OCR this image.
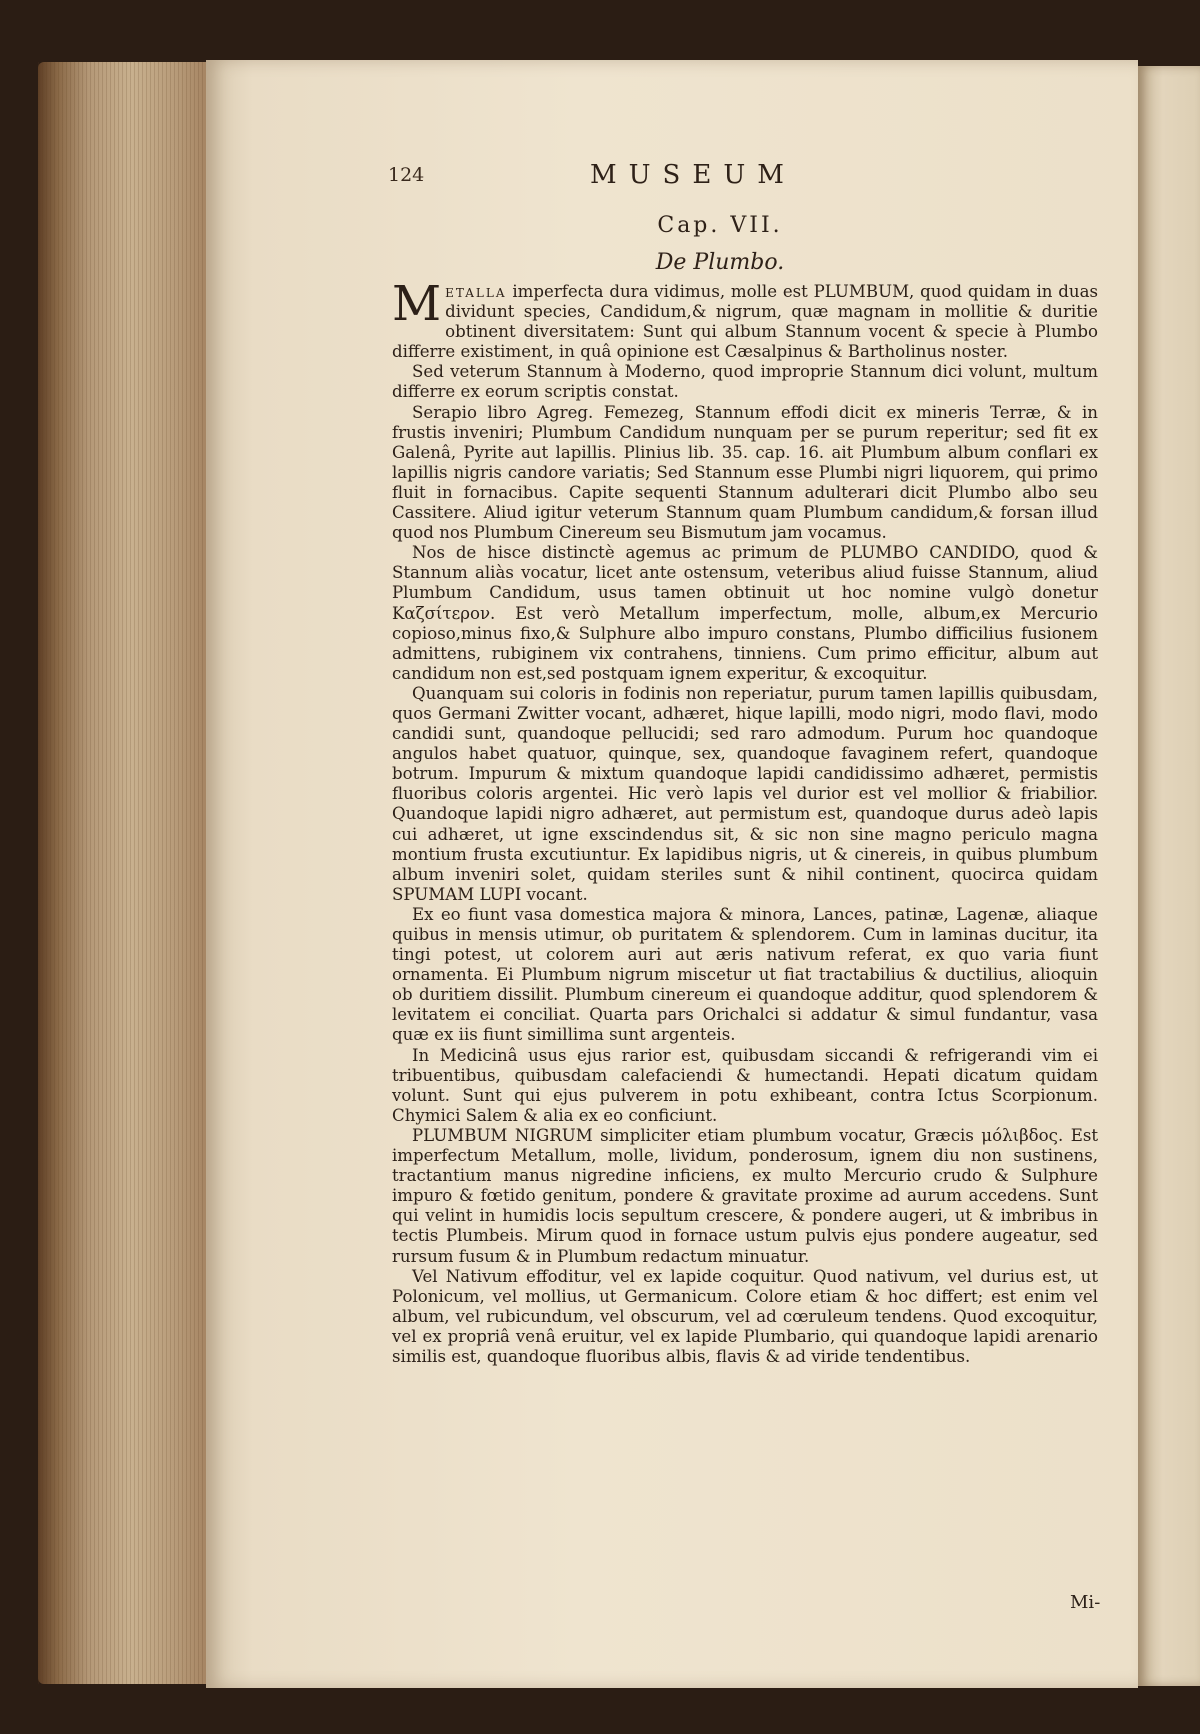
124	MUSEUM
Cap. VII.
De Plumbo.

Metalla imperfecta dura vidimus, molle est PLUMBUM, quod quidam in duas dividunt species, Candidum,& nigrum, quæ magnam in mollitie & duritie obtinent diversitatem: Sunt qui album Stannum vocent & specie à Plumbo differre existiment, in quâ opinione est Cæsalpinus & Bartholinus noster.

Sed veterum Stannum à Moderno, quod improprie Stannum dici volunt, multum differre ex eorum scriptis constat.

Serapio libro Agreg. Femezeg, Stannum effodi dicit ex mineris Terræ, & in frustis inveniri; Plumbum Candidum nunquam per se purum reperitur; sed fit ex Galenâ, Pyrite aut lapillis. Plinius lib. 35. cap. 16. ait Plumbum album conflari ex lapillis nigris candore variatis; Sed Stannum esse Plumbi nigri liquorem, qui primo fluit in fornacibus. Capite sequenti Stannum adulterari dicit Plumbo albo seu Cassitere. Aliud igitur veterum Stannum quam Plumbum candidum,& forsan illud quod nos Plumbum Cinereum seu Bismutum jam vocamus.

Nos de hisce distinctè agemus ac primum de PLUMBO CANDIDO, quod & Stannum aliàs vocatur, licet ante ostensum, veteribus aliud fuisse Stannum, aliud Plumbum Candidum, usus tamen obtinuit ut hoc nomine vulgò donetur Καζσίτερον. Est verò Metallum imperfectum, molle, album,ex Mercurio copioso,minus fixo,& Sulphure albo impuro constans, Plumbo difficilius fusionem admittens, rubiginem vix contrahens, tinniens. Cum primo efficitur, album aut candidum non est,sed postquam ignem experitur, & excoquitur.

Quanquam sui coloris in fodinis non reperiatur, purum tamen lapillis quibusdam, quos Germani Zwitter vocant, adhæret, hique lapilli, modo nigri, modo flavi, modo candidi sunt, quandoque pellucidi; sed raro admodum. Purum hoc quandoque angulos habet quatuor, quinque, sex, quandoque favaginem refert, quandoque botrum. Impurum & mixtum quandoque lapidi candidissimo adhæret, permistis fluoribus coloris argentei. Hic verò lapis vel durior est vel mollior & friabilior. Quandoque lapidi nigro adhæret, aut permistum est, quandoque durus adeò lapis cui adhæret, ut igne exscindendus sit, & sic non sine magno periculo magna montium frusta excutiuntur. Ex lapidibus nigris, ut & cinereis, in quibus plumbum album inveniri solet, quidam steriles sunt & nihil continent, quocirca quidam SPUMAM LUPI vocant.

Ex eo fiunt vasa domestica majora & minora, Lances, patinæ, Lagenæ, aliaque quibus in mensis utimur, ob puritatem & splendorem. Cum in laminas ducitur, ita tingi potest, ut colorem auri aut æris nativum referat, ex quo varia fiunt ornamenta. Ei Plumbum nigrum miscetur ut fiat tractabilius & ductilius, alioquin ob duritiem dissilit. Plumbum cinereum ei quandoque additur, quod splendorem & levitatem ei conciliat. Quarta pars Orichalci si addatur & simul fundantur, vasa quæ ex iis fiunt simillima sunt argenteis.

In Medicinâ usus ejus rarior est, quibusdam siccandi & refrigerandi vim ei tribuentibus, quibusdam calefaciendi & humectandi. Hepati dicatum quidam volunt. Sunt qui ejus pulverem in potu exhibeant, contra Ictus Scorpionum. Chymici Salem & alia ex eo conficiunt.

PLUMBUM NIGRUM simpliciter etiam plumbum vocatur, Græcis μόλιβδος. Est imperfectum Metallum, molle, lividum, ponderosum, ignem diu non sustinens, tractantium manus nigredine inficiens, ex multo Mercurio crudo & Sulphure impuro & fœtido genitum, pondere & gravitate proxime ad aurum accedens. Sunt qui velint in humidis locis sepultum crescere, & pondere augeri, ut & imbribus in tectis Plumbeis. Mirum quod in fornace ustum pulvis ejus pondere augeatur, sed rursum fusum & in Plumbum redactum minuatur.

Vel Nativum effoditur, vel ex lapide coquitur. Quod nativum, vel durius est, ut Polonicum, vel mollius, ut Germanicum. Colore etiam & hoc differt; est enim vel album, vel rubicundum, vel obscurum, vel ad cœruleum tendens. Quod excoquitur, vel ex propriâ venâ eruitur, vel ex lapide Plumbario, qui quandoque lapidi arenario similis est, quandoque fluoribus albis, flavis & ad viride tendentibus.

Mi-
